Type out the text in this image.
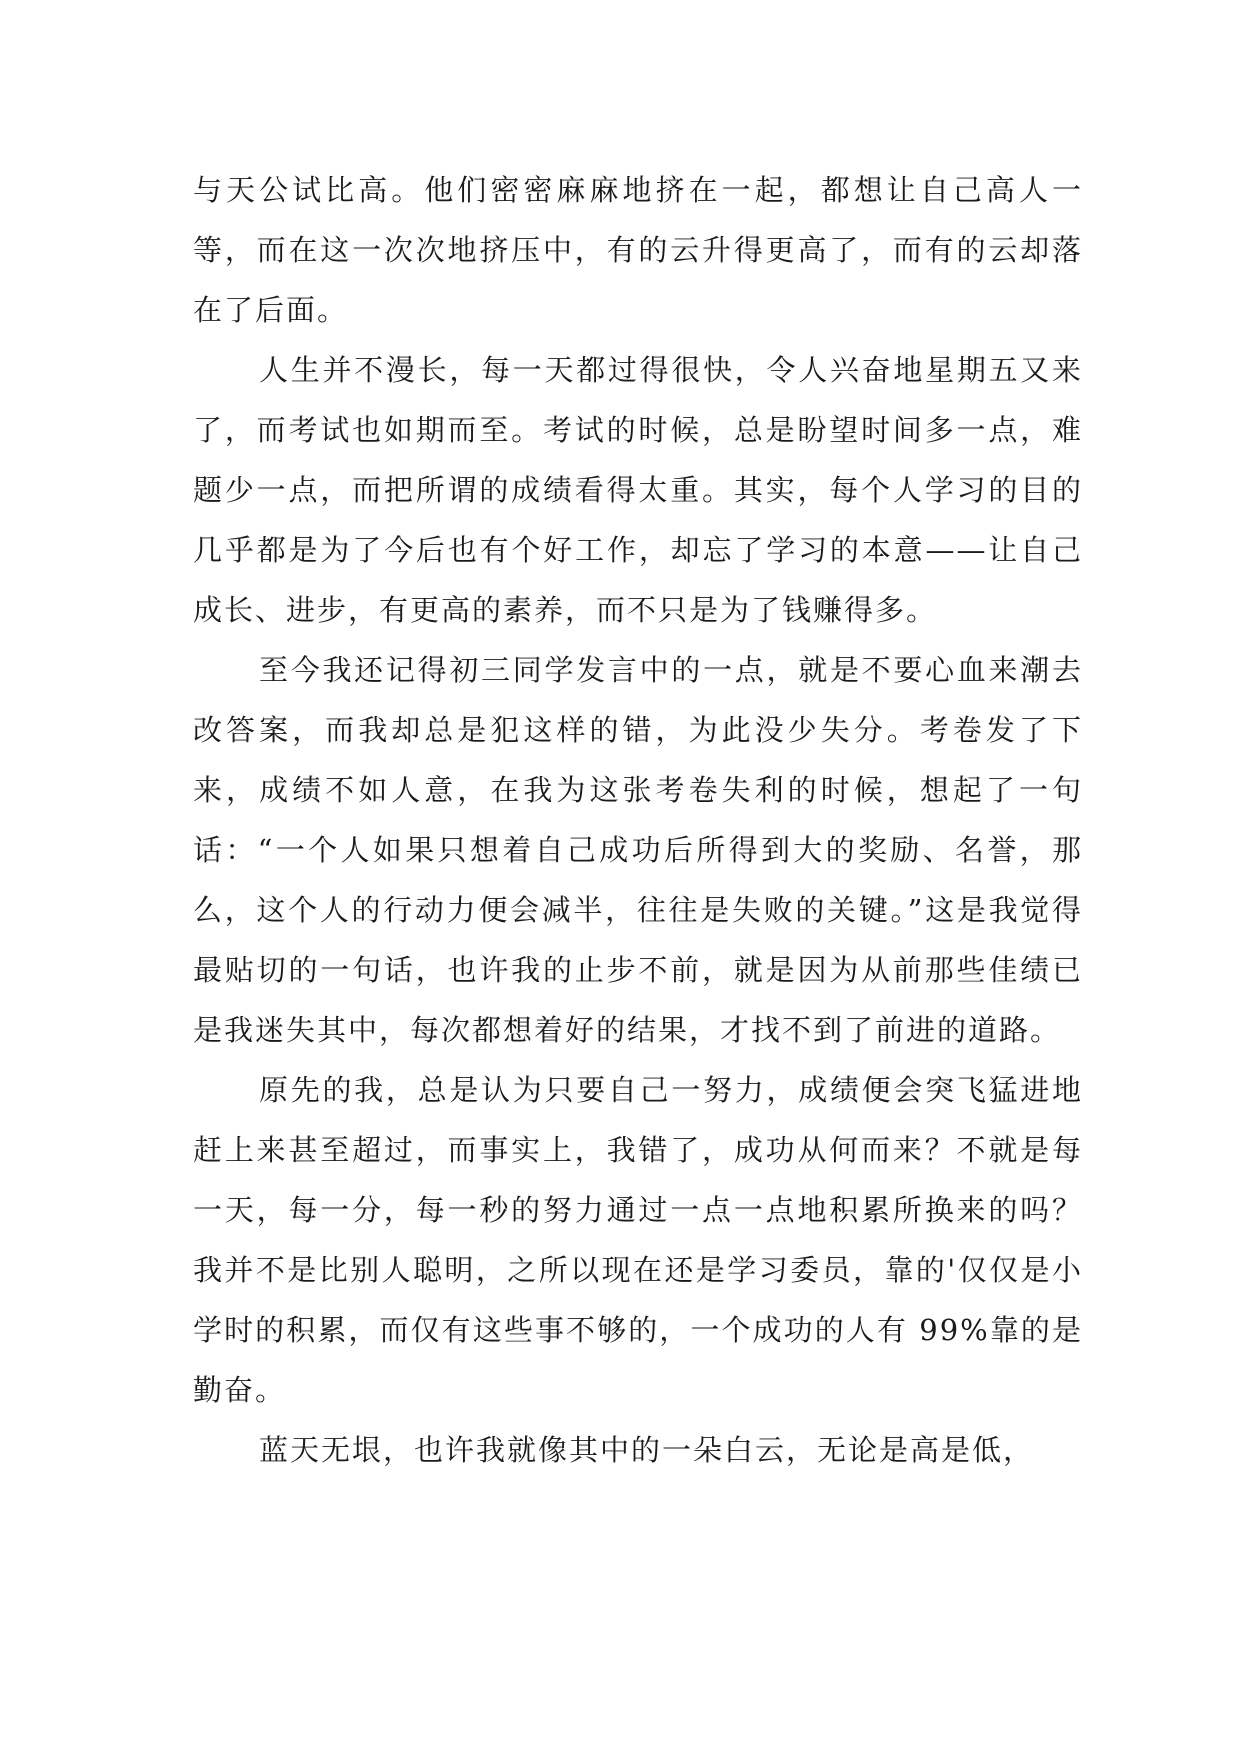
与天公试比高。他们密密麻麻地挤在一起，都想让自己高人一等，而在这一次次地挤压中，有的云升得更高了，而有的云却落在了后面。

人生并不漫长，每一天都过得很快，令人兴奋地星期五又来了，而考试也如期而至。考试的时候，总是盼望时间多一点，难题少一点，而把所谓的成绩看得太重。其实，每个人学习的目的几乎都是为了今后也有个好工作，却忘了学习的本意——让自己成长、进步，有更高的素养，而不只是为了钱赚得多。

至今我还记得初三同学发言中的一点，就是不要心血来潮去改答案，而我却总是犯这样的错，为此没少失分。考卷发了下来，成绩不如人意，在我为这张考卷失利的时候，想起了一句话：“一个人如果只想着自己成功后所得到大的奖励、名誉，那么，这个人的行动力便会减半，往往是失败的关键。”这是我觉得最贴切的一句话，也许我的止步不前，就是因为从前那些佳绩已是我迷失其中，每次都想着好的结果，才找不到了前进的道路。

原先的我，总是认为只要自己一努力，成绩便会突飞猛进地赶上来甚至超过，而事实上，我错了，成功从何而来？不就是每一天，每一分，每一秒的努力通过一点一点地积累所换来的吗？我并不是比别人聪明，之所以现在还是学习委员，靠的'仅仅是小学时的积累，而仅有这些事不够的，一个成功的人有 99%靠的是勤奋。

蓝天无垠，也许我就像其中的一朵白云，无论是高是低，
